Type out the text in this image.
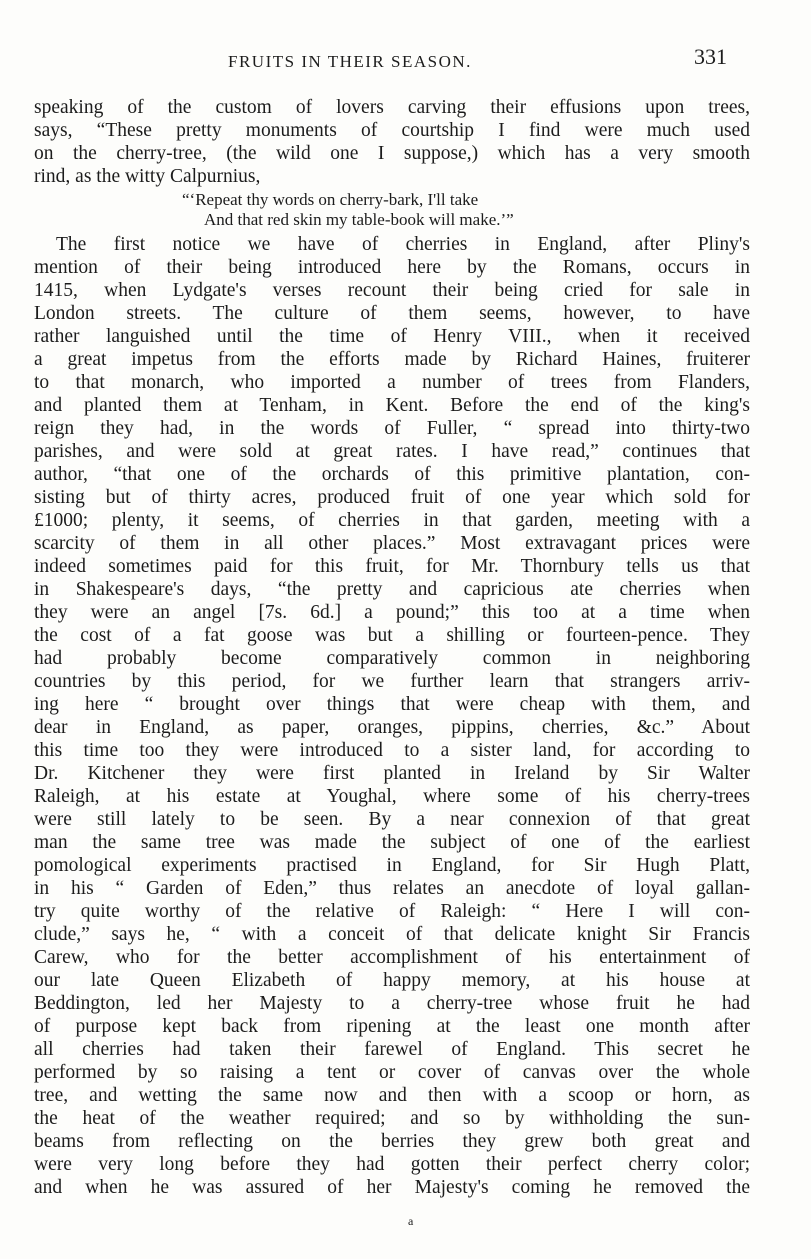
FRUITS IN THEIR SEASON.	331
speaking of the custom of lovers carving their effusions upon trees,
says, “These pretty monuments of courtship I find were much used
on the cherry-tree, (the wild one I suppose,) which has a very smooth
rind, as the witty Calpurnius,
“‘Repeat thy words on cherry-bark, I'll take
And that red skin my table-book will make.’”
The first notice we have of cherries in England, after Pliny's
mention of their being introduced here by the Romans, occurs in
1415, when Lydgate's verses recount their being cried for sale in
London streets. The culture of them seems, however, to have
rather languished until the time of Henry VIII., when it received
a great impetus from the efforts made by Richard Haines, fruiterer
to that monarch, who imported a number of trees from Flanders,
and planted them at Tenham, in Kent. Before the end of the king's
reign they had, in the words of Fuller, “ spread into thirty-two
parishes, and were sold at great rates. I have read,” continues that
author, “that one of the orchards of this primitive plantation, con-
sisting but of thirty acres, produced fruit of one year which sold for
£1000; plenty, it seems, of cherries in that garden, meeting with a
scarcity of them in all other places.” Most extravagant prices were
indeed sometimes paid for this fruit, for Mr. Thornbury tells us that
in Shakespeare's days, “the pretty and capricious ate cherries when
they were an angel [7s. 6d.] a pound;” this too at a time when
the cost of a fat goose was but a shilling or fourteen-pence. They
had probably become comparatively common in neighboring
countries by this period, for we further learn that strangers arriv-
ing here “ brought over things that were cheap with them, and
dear in England, as paper, oranges, pippins, cherries, &c.” About
this time too they were introduced to a sister land, for according to
Dr. Kitchener they were first planted in Ireland by Sir Walter
Raleigh, at his estate at Youghal, where some of his cherry-trees
were still lately to be seen. By a near connexion of that great
man the same tree was made the subject of one of the earliest
pomological experiments practised in England, for Sir Hugh Platt,
in his “ Garden of Eden,” thus relates an anecdote of loyal gallan-
try quite worthy of the relative of Raleigh: “ Here I will con-
clude,” says he, “ with a conceit of that delicate knight Sir Francis
Carew, who for the better accomplishment of his entertainment of
our late Queen Elizabeth of happy memory, at his house at
Beddington, led her Majesty to a cherry-tree whose fruit he had
of purpose kept back from ripening at the least one month after
all cherries had taken their farewel of England. This secret he
performed by so raising a tent or cover of canvas over the whole
tree, and wetting the same now and then with a scoop or horn, as
the heat of the weather required; and so by withholding the sun-
beams from reflecting on the berries they grew both great and
were very long before they had gotten their perfect cherry color;
and when he was assured of her Majesty's coming he removed the
a
